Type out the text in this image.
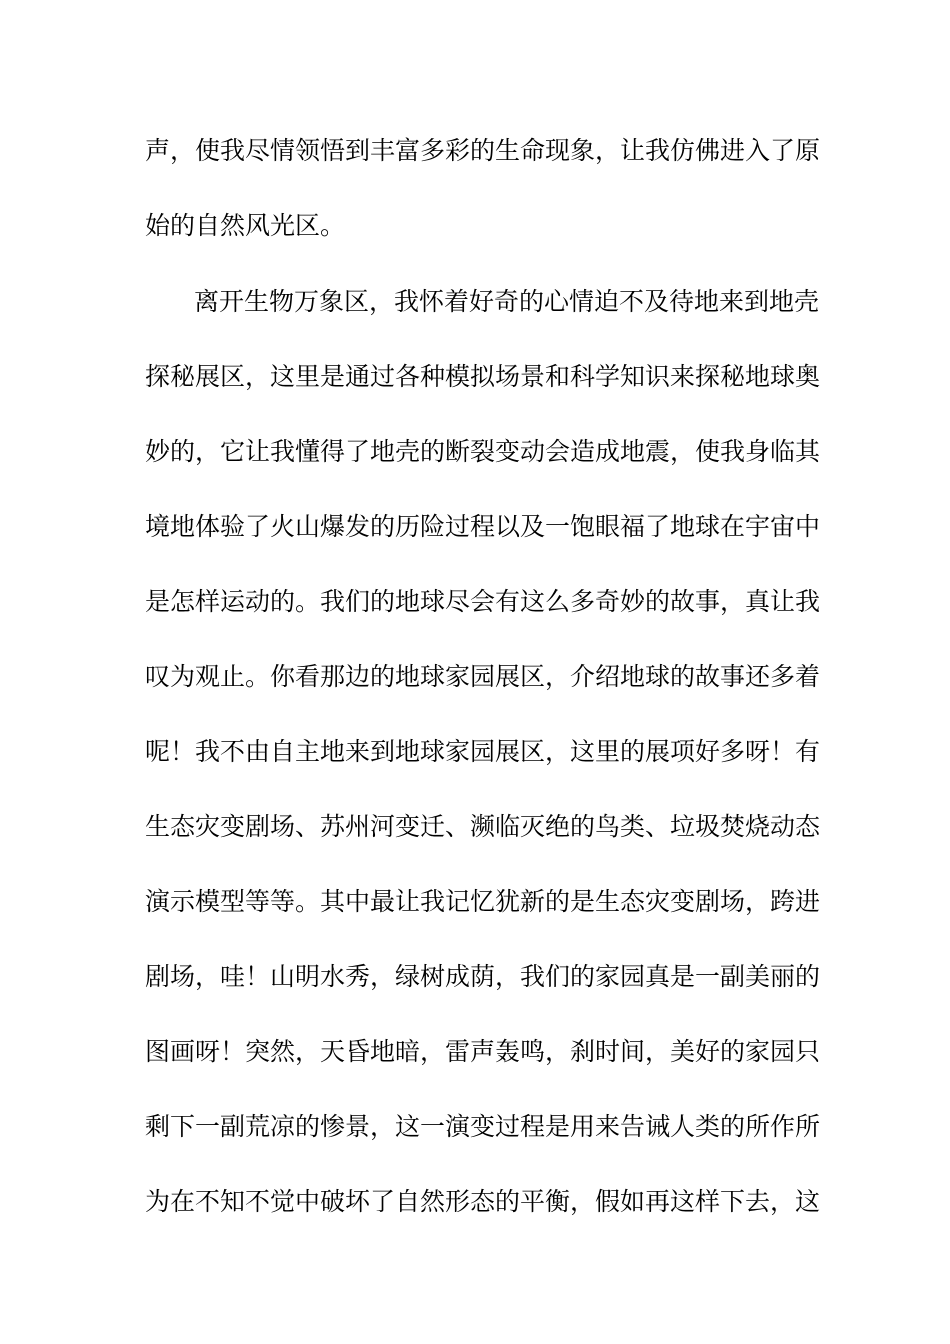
声，使我尽情领悟到丰富多彩的生命现象，让我仿佛进入了原
始的自然风光区。
离开生物万象区，我怀着好奇的心情迫不及待地来到地壳
探秘展区，这里是通过各种模拟场景和科学知识来探秘地球奥
妙的，它让我懂得了地壳的断裂变动会造成地震，使我身临其
境地体验了火山爆发的历险过程以及一饱眼福了地球在宇宙中
是怎样运动的。我们的地球尽会有这么多奇妙的故事，真让我
叹为观止。你看那边的地球家园展区，介绍地球的故事还多着
呢！我不由自主地来到地球家园展区，这里的展项好多呀！有
生态灾变剧场、苏州河变迁、濒临灭绝的鸟类、垃圾焚烧动态
演示模型等等。其中最让我记忆犹新的是生态灾变剧场，跨进
剧场，哇！山明水秀，绿树成荫，我们的家园真是一副美丽的
图画呀！突然，天昏地暗，雷声轰鸣，刹时间，美好的家园只
剩下一副荒凉的惨景，这一演变过程是用来告诫人类的所作所
为在不知不觉中破坏了自然形态的平衡，假如再这样下去，这
